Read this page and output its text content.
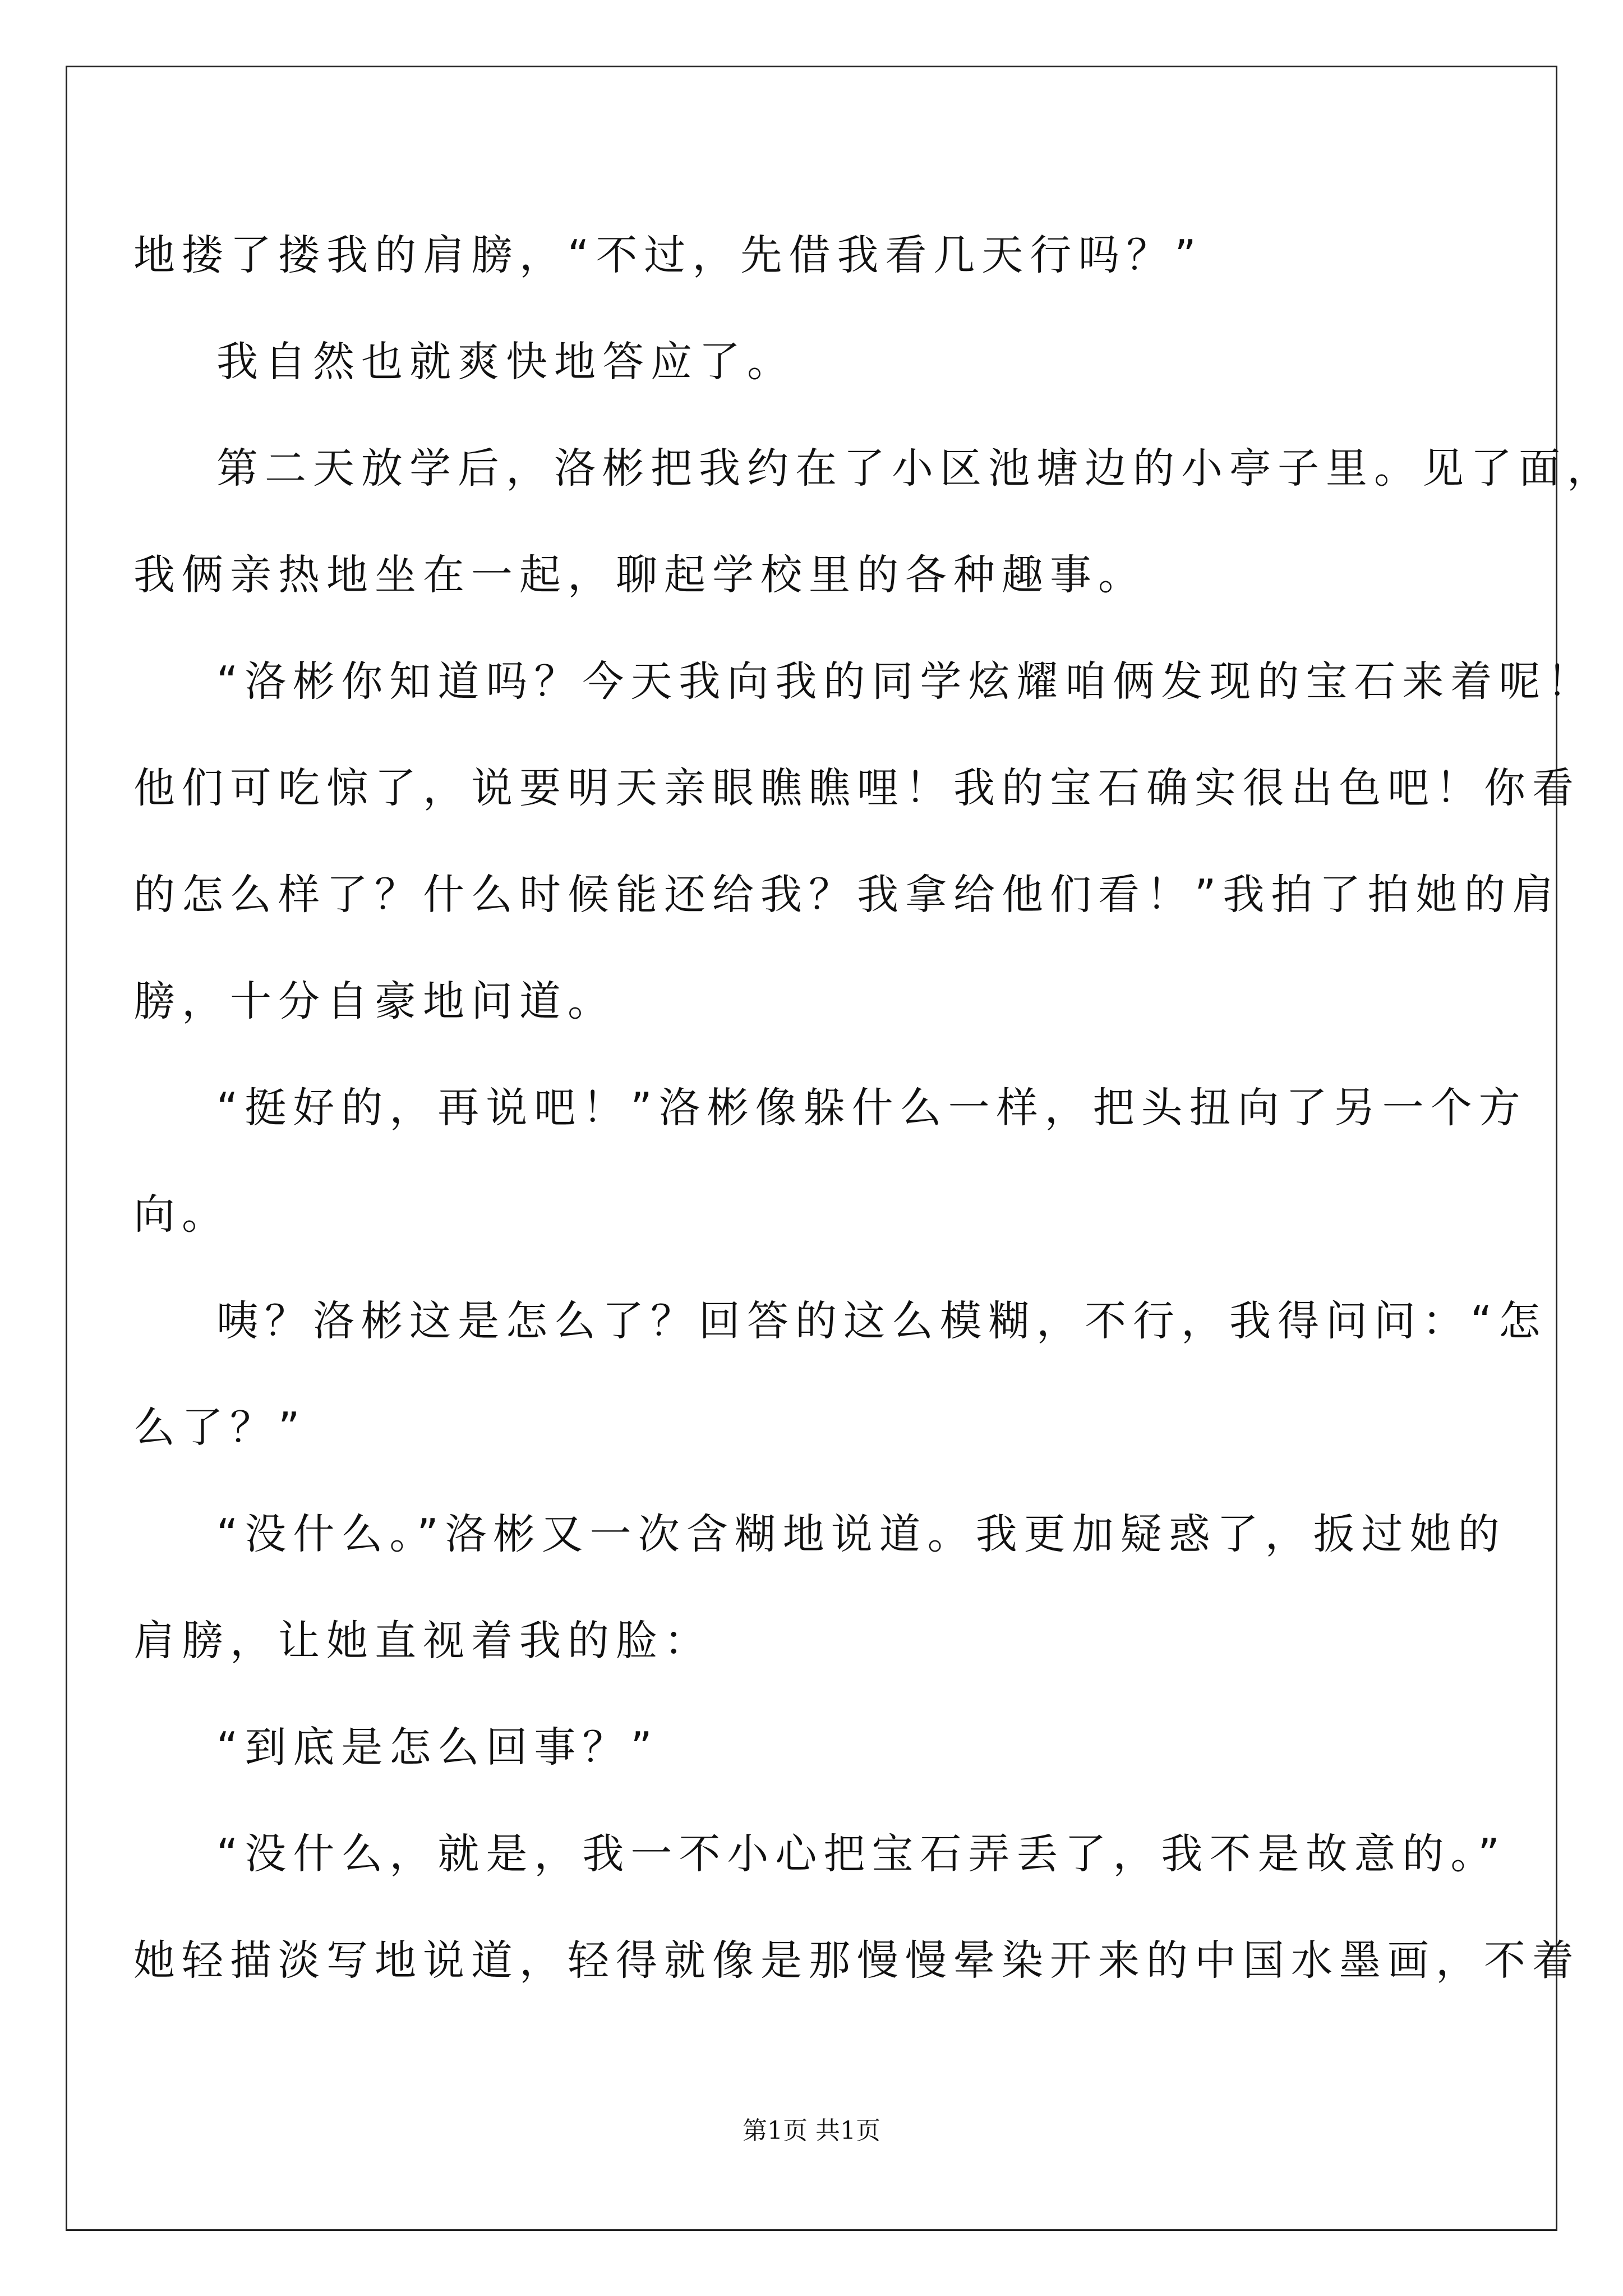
地搂了搂我的肩膀，“不过，先借我看几天行吗？”
我自然也就爽快地答应了。
第二天放学后，洛彬把我约在了小区池塘边的小亭子里。见了面，
我俩亲热地坐在一起，聊起学校里的各种趣事。
“洛彬你知道吗？今天我向我的同学炫耀咱俩发现的宝石来着呢！
他们可吃惊了，说要明天亲眼瞧瞧哩！我的宝石确实很出色吧！你看
的怎么样了？什么时候能还给我？我拿给他们看！”我拍了拍她的肩
膀，十分自豪地问道。
“挺好的，再说吧！”洛彬像躲什么一样，把头扭向了另一个方
向。
咦？洛彬这是怎么了？回答的这么模糊，不行，我得问问：“怎
么了？”
“没什么。”洛彬又一次含糊地说道。我更加疑惑了，扳过她的
肩膀，让她直视着我的脸：
“到底是怎么回事？”
“没什么，就是，我一不小心把宝石弄丢了，我不是故意的。”
她轻描淡写地说道，轻得就像是那慢慢晕染开来的中国水墨画，不着
第1页 共1页
